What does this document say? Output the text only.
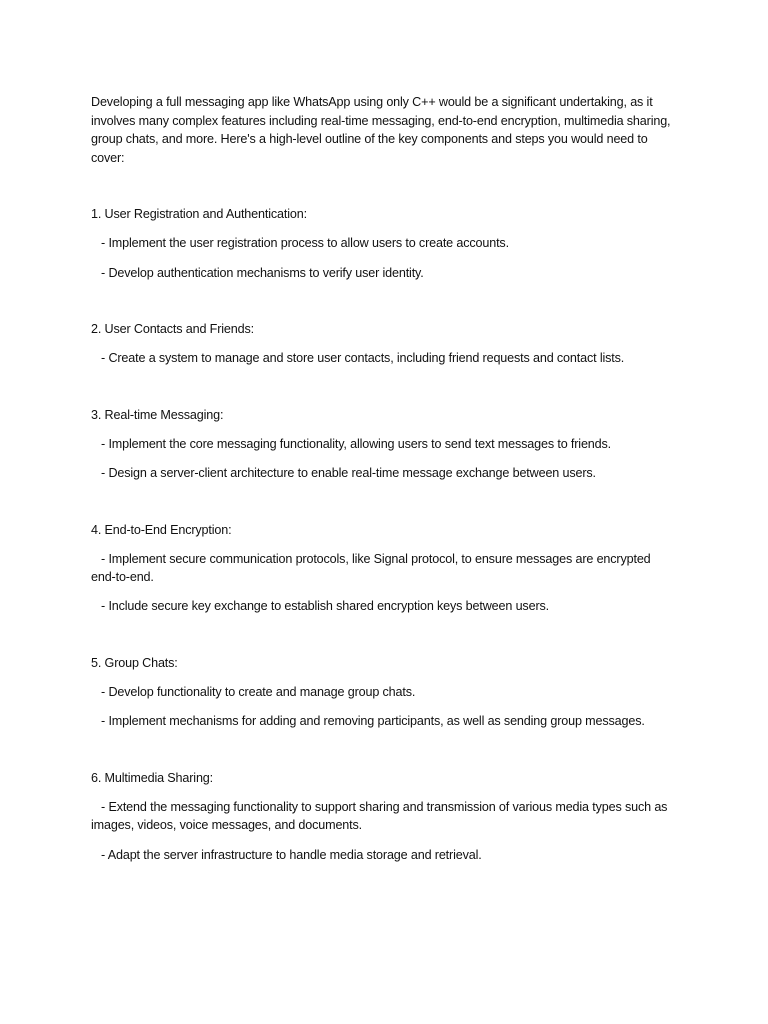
Developing a full messaging app like WhatsApp using only C++ would be a significant undertaking, as it involves many complex features including real-time messaging, end-to-end encryption, multimedia sharing, group chats, and more. Here's a high-level outline of the key components and steps you would need to cover:

1. User Registration and Authentication:

- Implement the user registration process to allow users to create accounts.

- Develop authentication mechanisms to verify user identity.

2. User Contacts and Friends:

- Create a system to manage and store user contacts, including friend requests and contact lists.

3. Real-time Messaging:

- Implement the core messaging functionality, allowing users to send text messages to friends.

- Design a server-client architecture to enable real-time message exchange between users.

4. End-to-End Encryption:

- Implement secure communication protocols, like Signal protocol, to ensure messages are encrypted end-to-end.

- Include secure key exchange to establish shared encryption keys between users.

5. Group Chats:

- Develop functionality to create and manage group chats.

- Implement mechanisms for adding and removing participants, as well as sending group messages.

6. Multimedia Sharing:

- Extend the messaging functionality to support sharing and transmission of various media types such as images, videos, voice messages, and documents.

- Adapt the server infrastructure to handle media storage and retrieval.
